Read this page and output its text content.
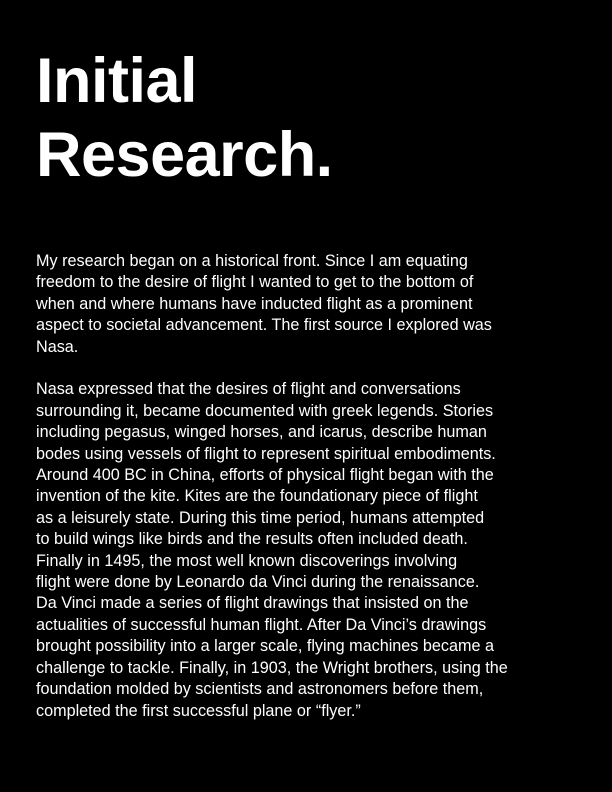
Initial
Research.

My research began on a historical front. Since I am equating
freedom to the desire of flight I wanted to get to the bottom of
when and where humans have inducted flight as a prominent
aspect to societal advancement. The first source I explored was
Nasa.

Nasa expressed that the desires of flight and conversations
surrounding it, became documented with greek legends. Stories
including pegasus, winged horses, and icarus, describe human
bodes using vessels of flight to represent spiritual embodiments.
Around 400 BC in China, efforts of physical flight began with the
invention of the kite. Kites are the foundationary piece of flight
as a leisurely state. During this time period, humans attempted
to build wings like birds and the results often included death.
Finally in 1495, the most well known discoverings involving
flight were done by Leonardo da Vinci during the renaissance.
Da Vinci made a series of flight drawings that insisted on the
actualities of successful human flight. After Da Vinci’s drawings
brought possibility into a larger scale, flying machines became a
challenge to tackle. Finally, in 1903, the Wright brothers, using the
foundation molded by scientists and astronomers before them,
completed the first successful plane or “flyer.”
